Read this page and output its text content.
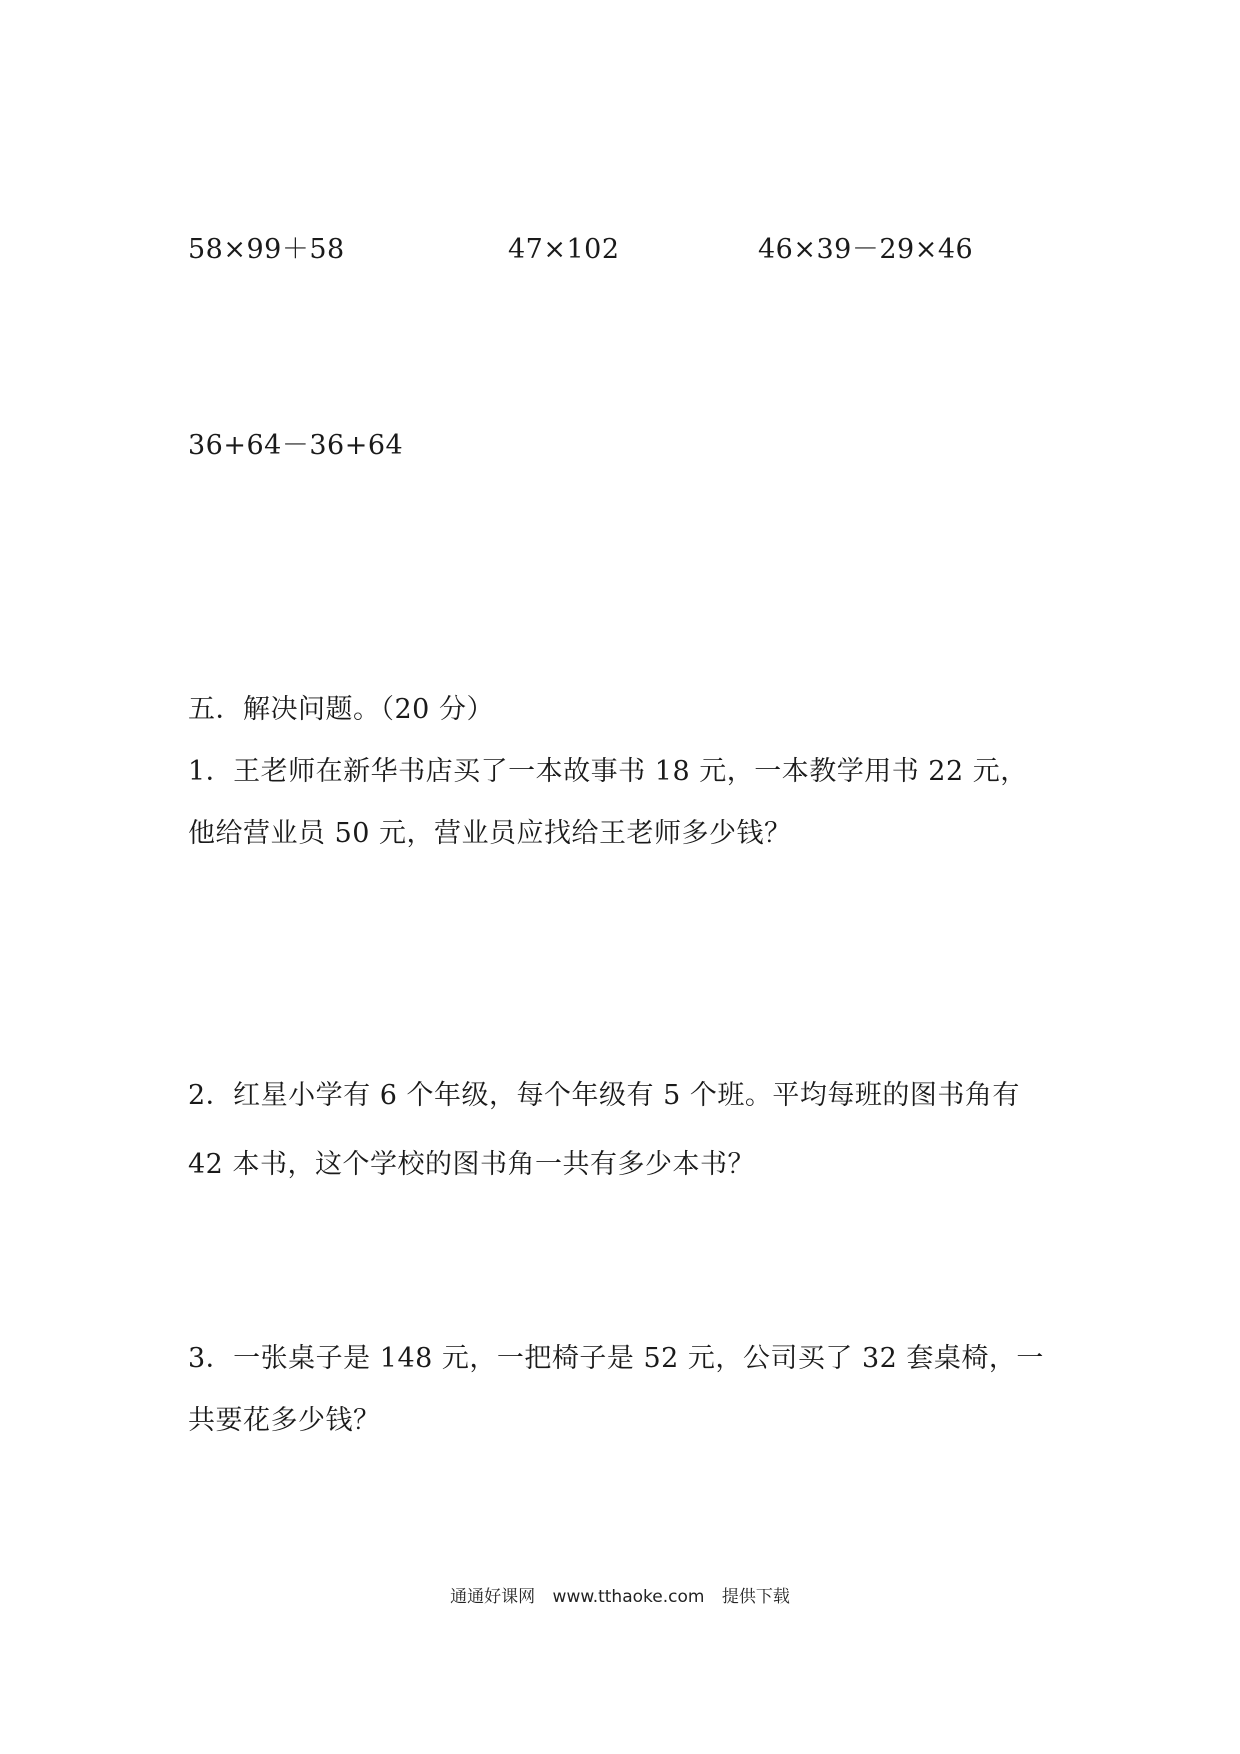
58×99＋58	47×102	46×39－29×46
36+64－36+64
五．解决问题。（20 分）
1．王老师在新华书店买了一本故事书 18 元，一本教学用书 22 元，
他给营业员 50 元，营业员应找给王老师多少钱？
2．红星小学有 6 个年级，每个年级有 5 个班。平均每班的图书角有
42 本书，这个学校的图书角一共有多少本书？
3．一张桌子是 148 元，一把椅子是 52 元，公司买了 32 套桌椅，一
共要花多少钱？
通通好课网 www.tthaoke.com 提供下载
